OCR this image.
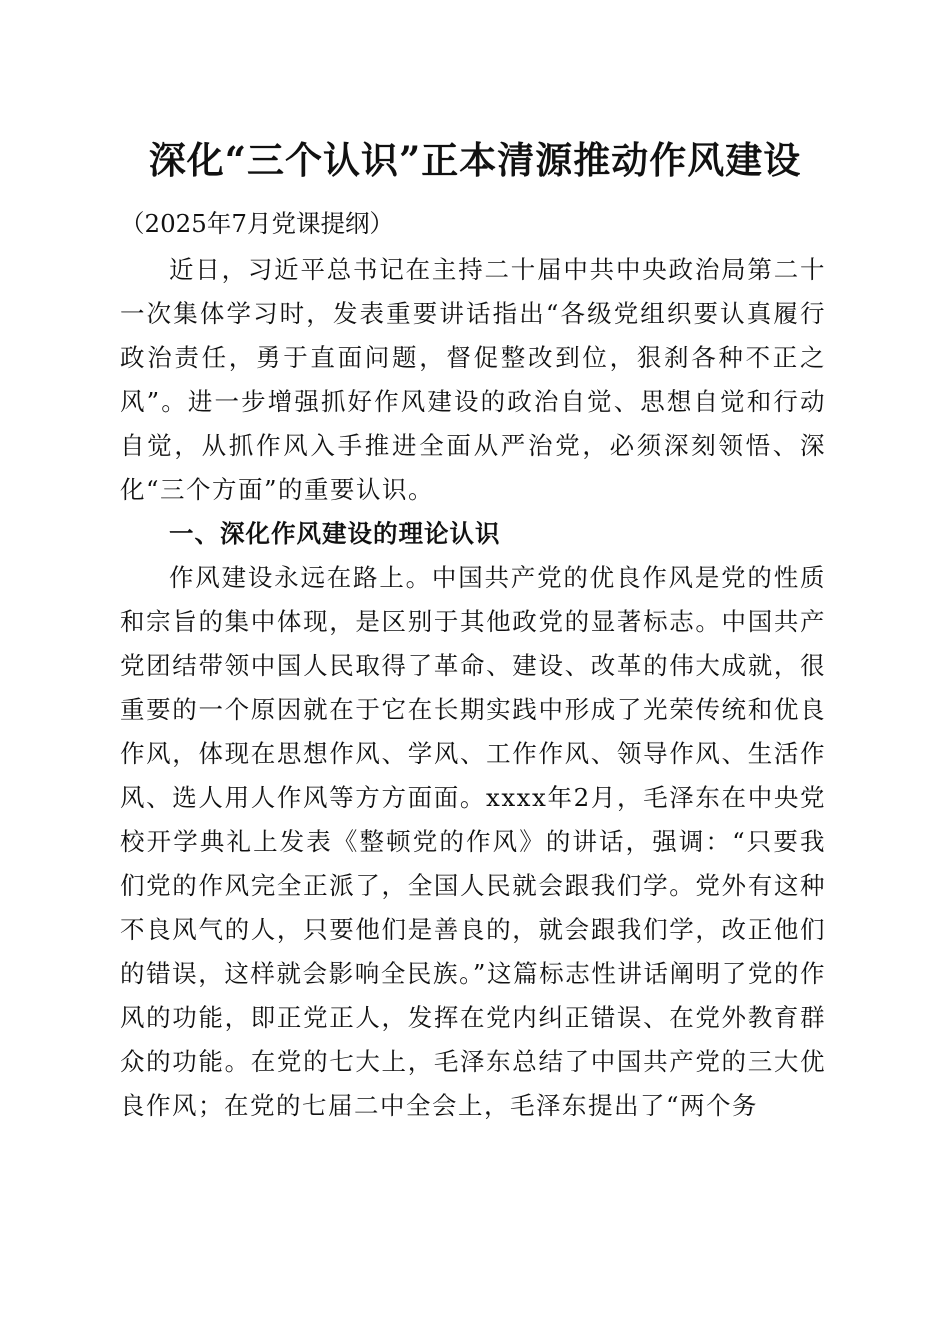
深化“三个认识”正本清源推动作风建设
（2025年7月党课提纲）

近日，习近平总书记在主持二十届中共中央政治局第二十一次集体学习时，发表重要讲话指出“各级党组织要认真履行政治责任，勇于直面问题，督促整改到位，狠刹各种不正之风”。进一步增强抓好作风建设的政治自觉、思想自觉和行动自觉，从抓作风入手推进全面从严治党，必须深刻领悟、深化“三个方面”的重要认识。

一、深化作风建设的理论认识

作风建设永远在路上。中国共产党的优良作风是党的性质和宗旨的集中体现，是区别于其他政党的显著标志。中国共产党团结带领中国人民取得了革命、建设、改革的伟大成就，很重要的一个原因就在于它在长期实践中形成了光荣传统和优良作风，体现在思想作风、学风、工作作风、领导作风、生活作风、选人用人作风等方方面面。xxxx年2月，毛泽东在中央党校开学典礼上发表《整顿党的作风》的讲话，强调：“只要我们党的作风完全正派了，全国人民就会跟我们学。党外有这种不良风气的人，只要他们是善良的，就会跟我们学，改正他们的错误，这样就会影响全民族。”这篇标志性讲话阐明了党的作风的功能，即正党正人，发挥在党内纠正错误、在党外教育群众的功能。在党的七大上，毛泽东总结了中国共产党的三大优良作风；在党的七届二中全会上，毛泽东提出了“两个务
